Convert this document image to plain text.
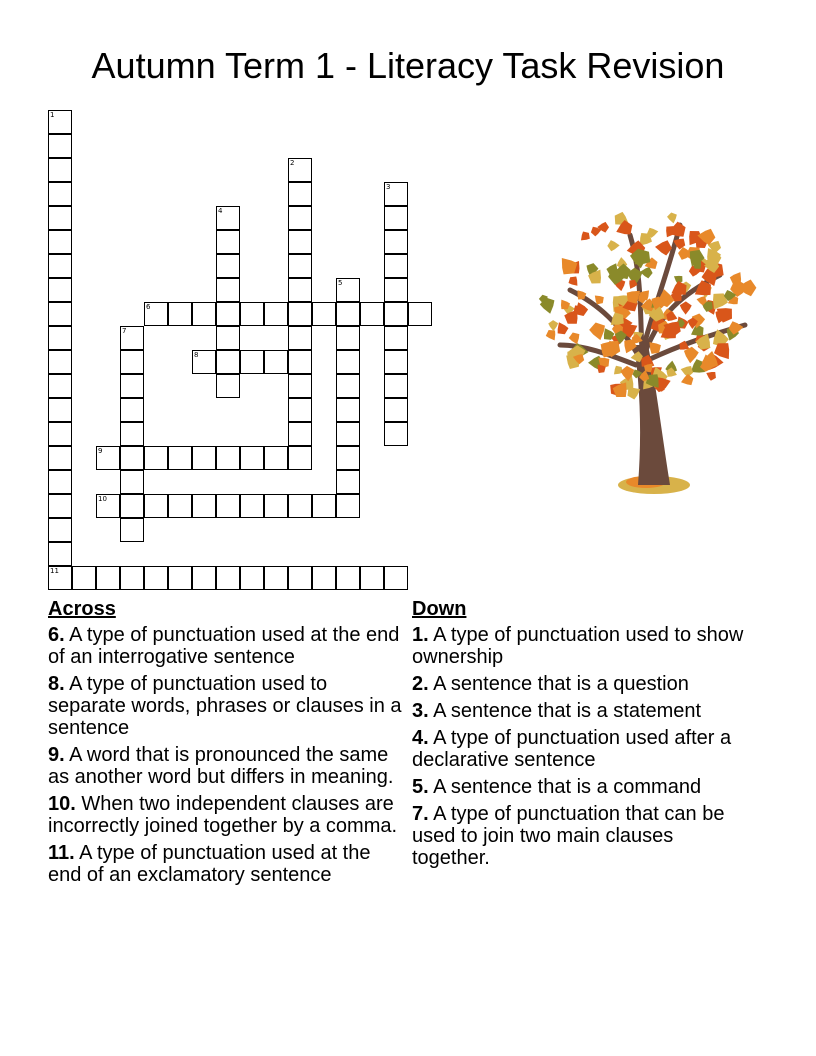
Autumn Term 1 - Literacy Task Revision
6
8
9
10
11
1
2
3
4
5
7
Across
6. A type of punctuation used at the end of an interrogative sentence
8. A type of punctuation used to separate words, phrases or clauses in a sentence
9. A word that is pronounced the same as another word but differs in meaning.
10. When two independent clauses are incorrectly joined together by a comma.
11. A type of punctuation used at the end of an exclamatory sentence
Down
1. A type of punctuation used to show ownership
2. A sentence that is a question
3. A sentence that is a statement
4. A type of punctuation used after a declarative sentence
5. A sentence that is a command
7. A type of punctuation that can be used to join two main clauses together.
